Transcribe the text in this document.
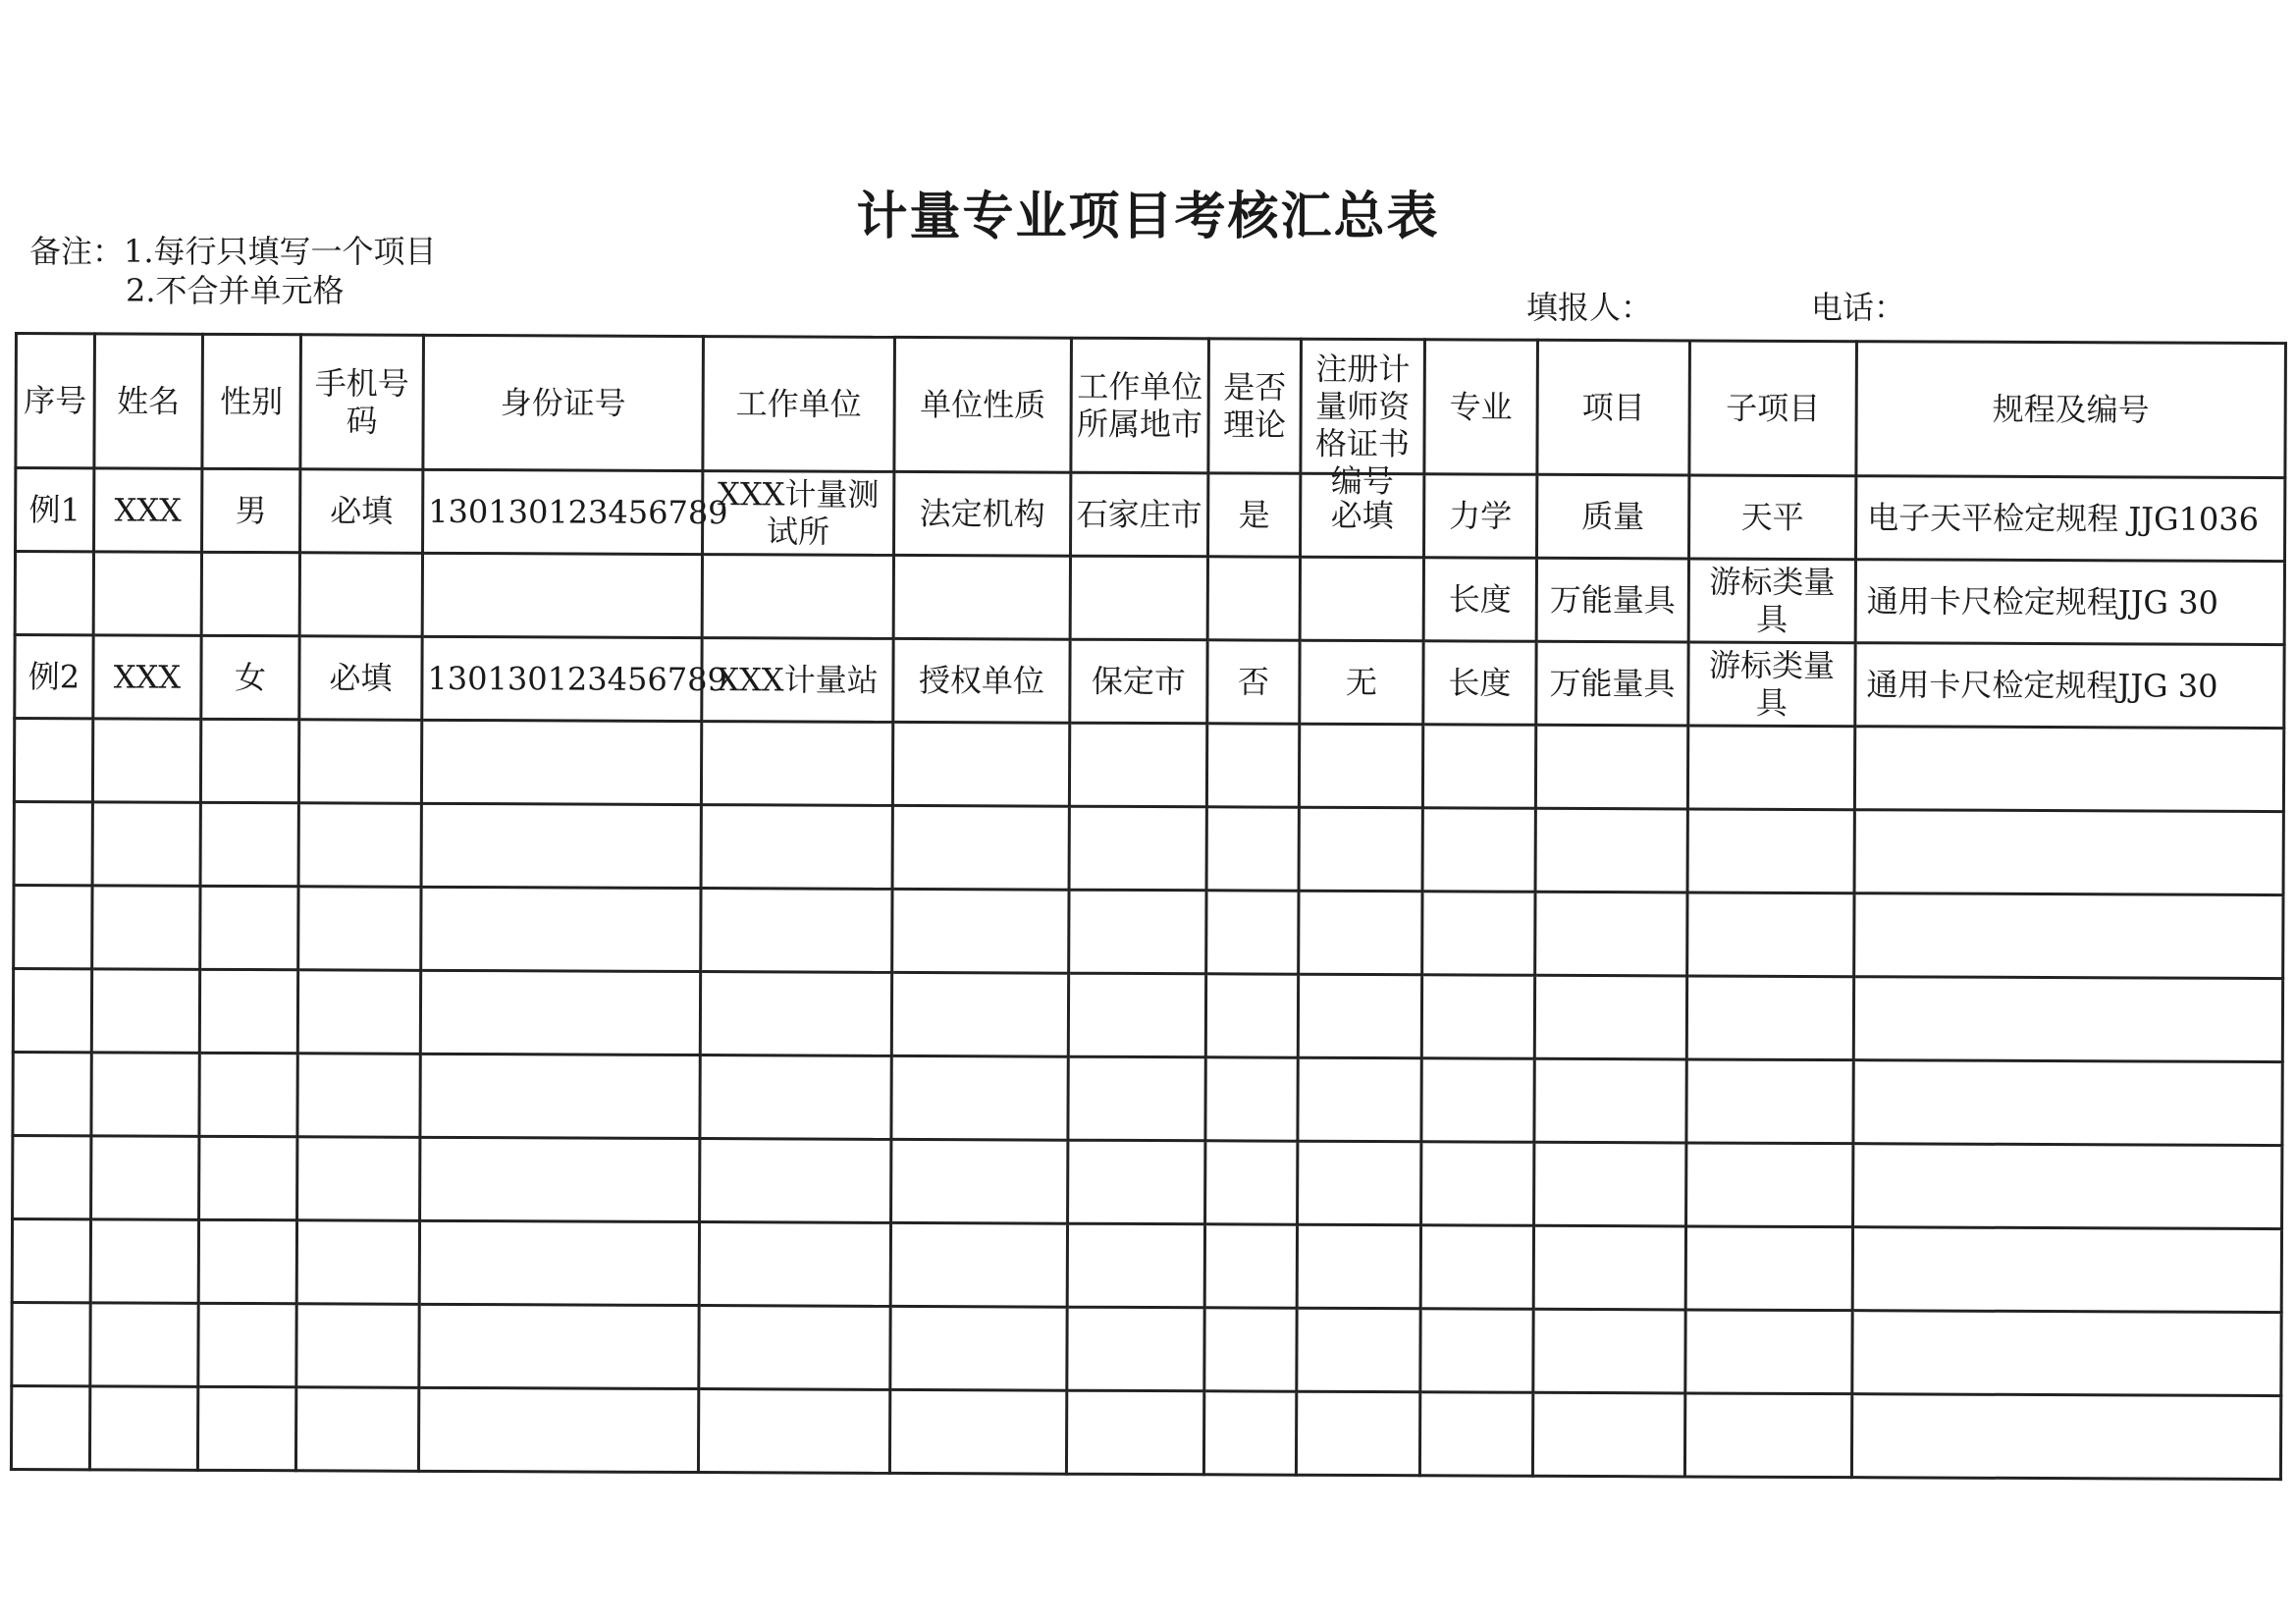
计量专业项目考核汇总表
备注：1.每行只填写一个项目
2.不合并单元格	填报人：	电话：
序号	姓名	性别	手机号码	身份证号	工作单位	单位性质	工作单位所属地市	是否理论	注册计量师资格证书编号	专业	项目	子项目	规程及编号
例1	XXX	男	必填	130130123456789	XXX计量测试所	法定机构	石家庄市	是	必填	力学	质量	天平	电子天平检定规程 JJG1036
										长度	万能量具	游标类量具	通用卡尺检定规程JJG 30
例2	XXX	女	必填	130130123456789	XXX计量站	授权单位	保定市	否	无	长度	万能量具	游标类量具	通用卡尺检定规程JJG 30
